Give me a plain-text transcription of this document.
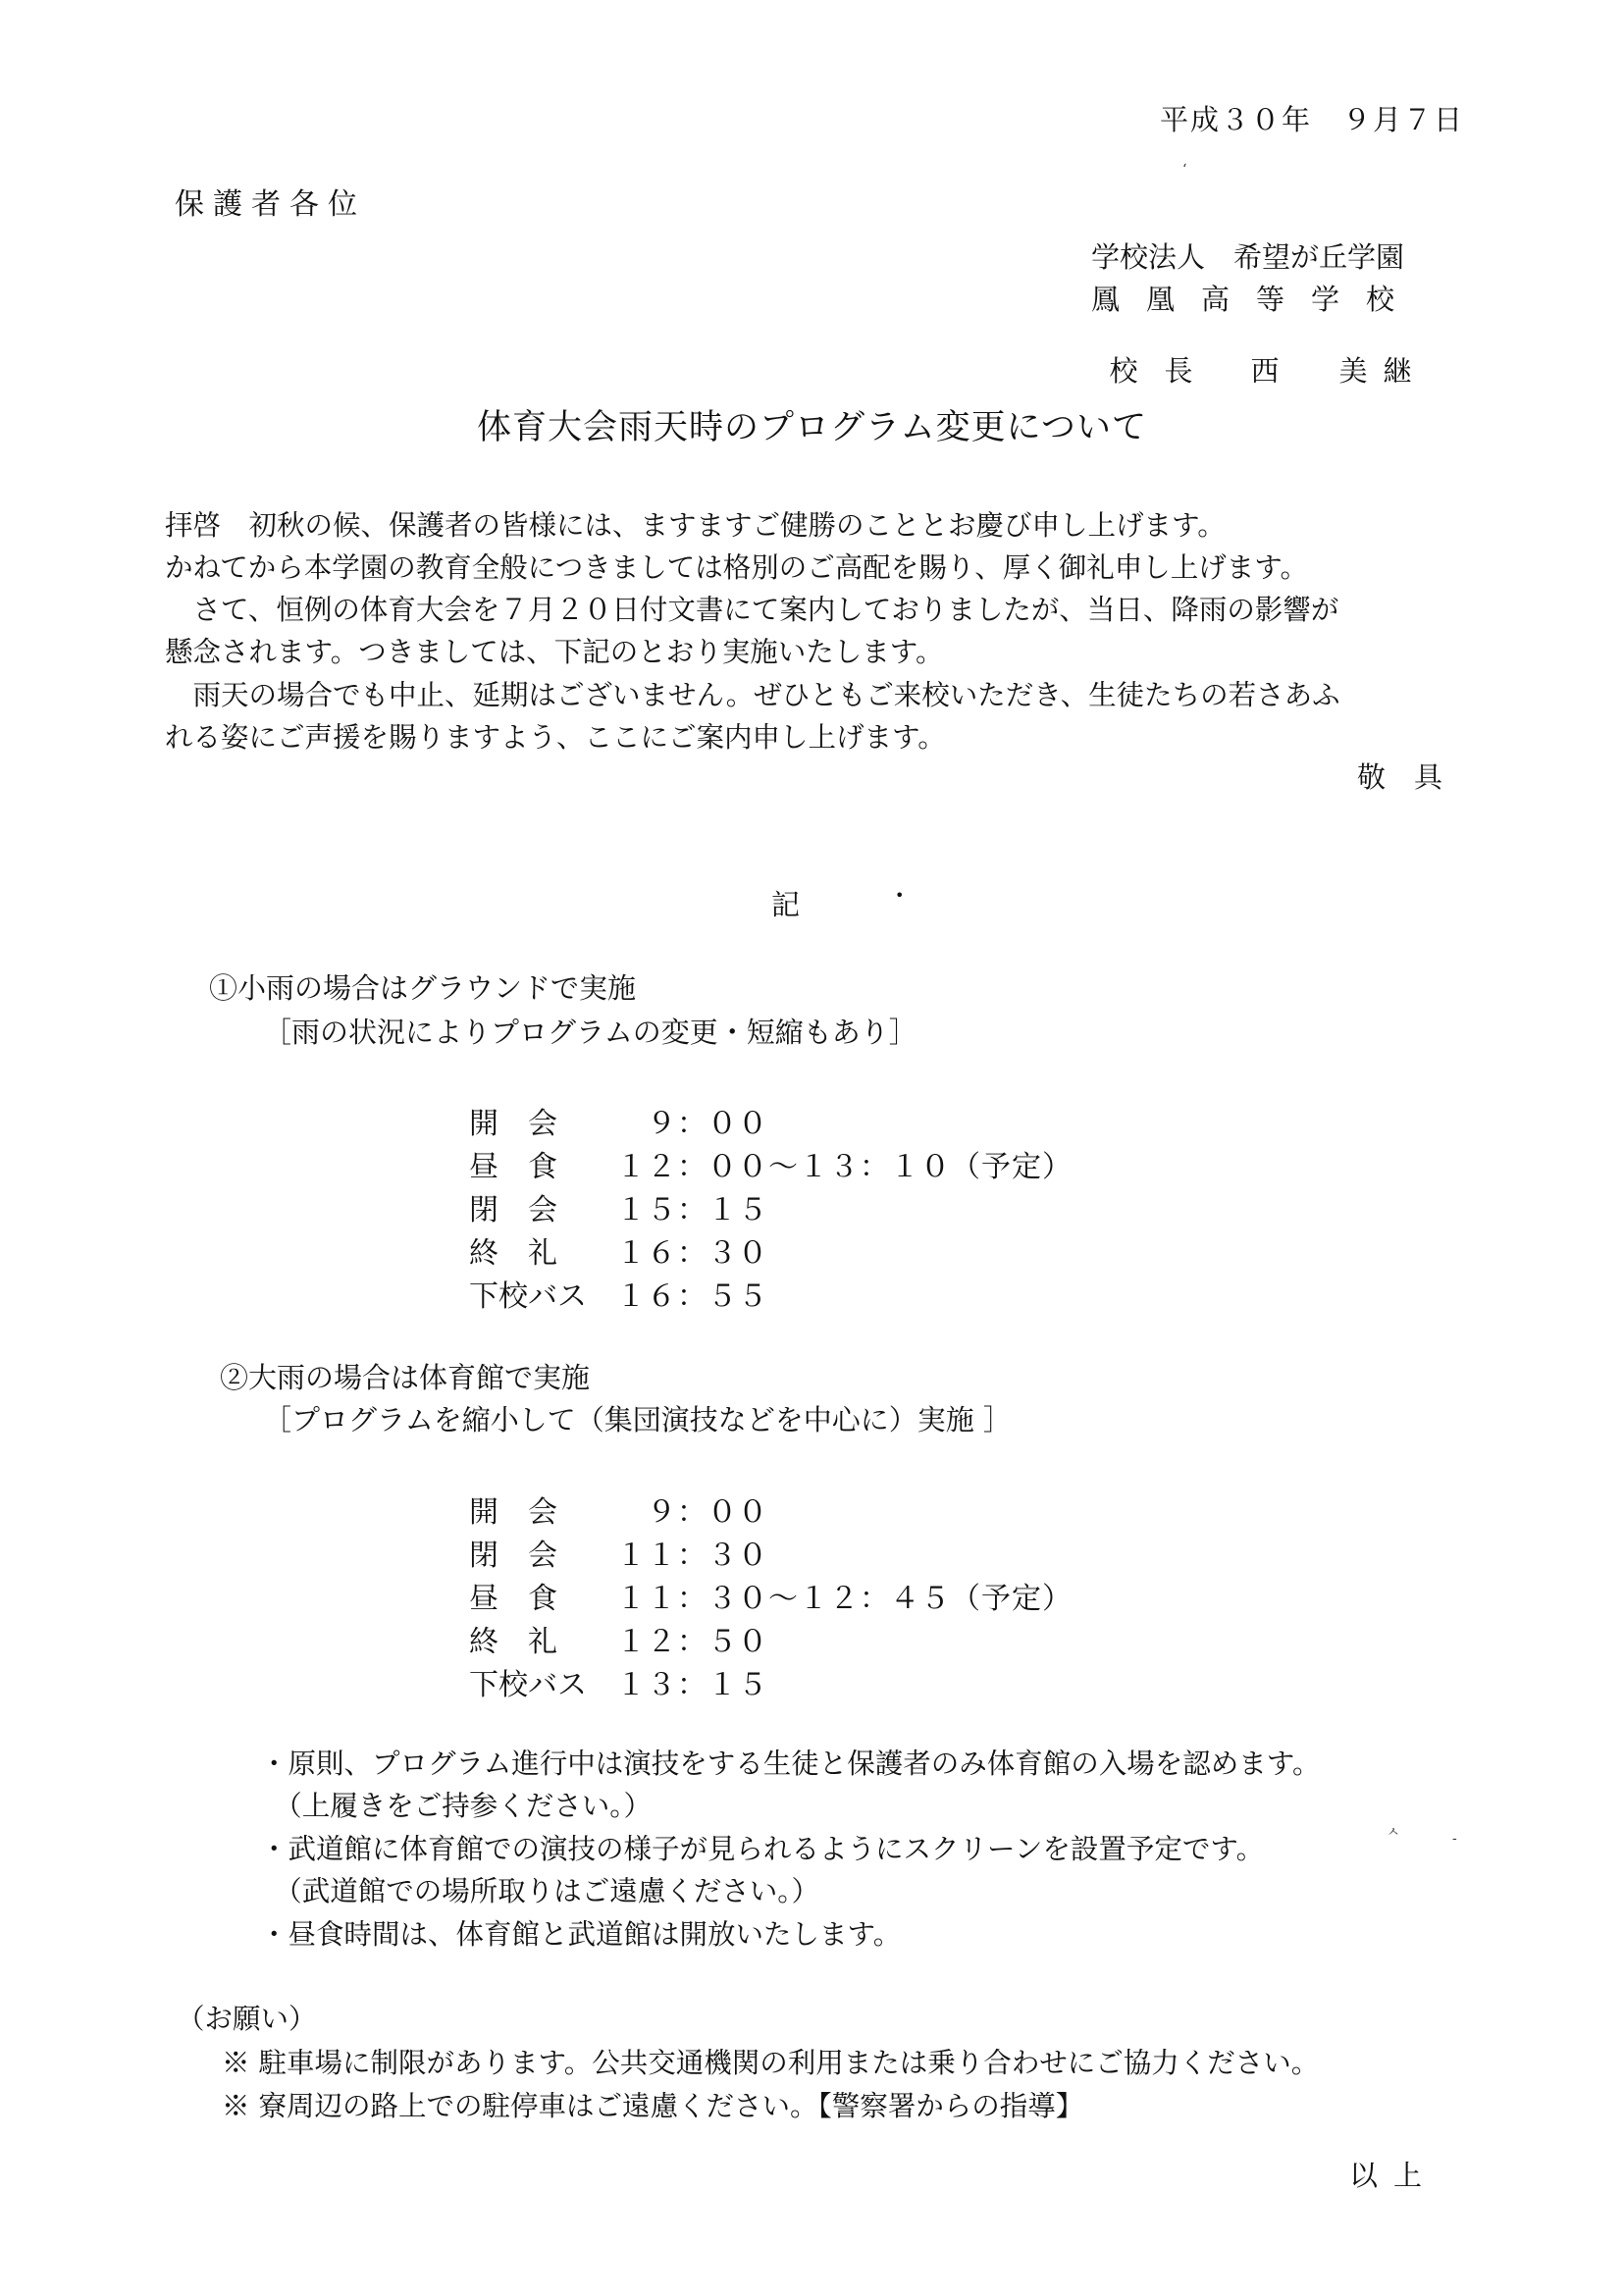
平成３０年　９月７日
‘
保護者各位
学校法人　希望が丘学園
鳳凰高等学校

校長 西　美継

体育大会雨天時のプログラム変更について

拝啓　初秋の候、保護者の皆様には、ますますご健勝のこととお慶び申し上げます。

かねてから本学園の教育全般につきましては格別のご高配を賜り、厚く御礼申し上げます。

　さて、恒例の体育大会を７月２０日付文書にて案内しておりましたが、当日、降雨の影響が

懸念されます。つきましては、下記のとおり実施いたします。

　雨天の場合でも中止、延期はございません。ぜひともご来校いただき、生徒たちの若さあふ

れる姿にご声援を賜りますよう、ここにご案内申し上げます。

敬　具
記	•
①小雨の場合はグラウンドで実施
［雨の状況によりプログラムの変更・短縮もあり］
開　会　９：００
昼　食 １２：００～１３：１０（予定）
閉　会 １５：１５
終　礼 １６：３０
下校バス １６：５５
②大雨の場合は体育館で実施
［プログラムを縮小して（集団演技などを中心に）実施 ］
開　会　９：００
閉　会 １１：３０
昼　食 １１：３０～１２：４５（予定）
終　礼 １２：５０
下校バス １３：１５
・原則、プログラム進行中は演技をする生徒と保護者のみ体育館の入場を認めます。
　（上履きをご持参ください。）
・武道館に体育館での演技の様子が見られるようにスクリーンを設置予定です。
　（武道館での場所取りはご遠慮ください。）
・昼食時間は、体育館と武道館は開放いたします。
ㅅ	-
（お願い）
※ 駐車場に制限があります。公共交通機関の利用または乗り合わせにご協力ください。
※ 寮周辺の路上での駐停車はご遠慮ください。【警察署からの指導】
以上
